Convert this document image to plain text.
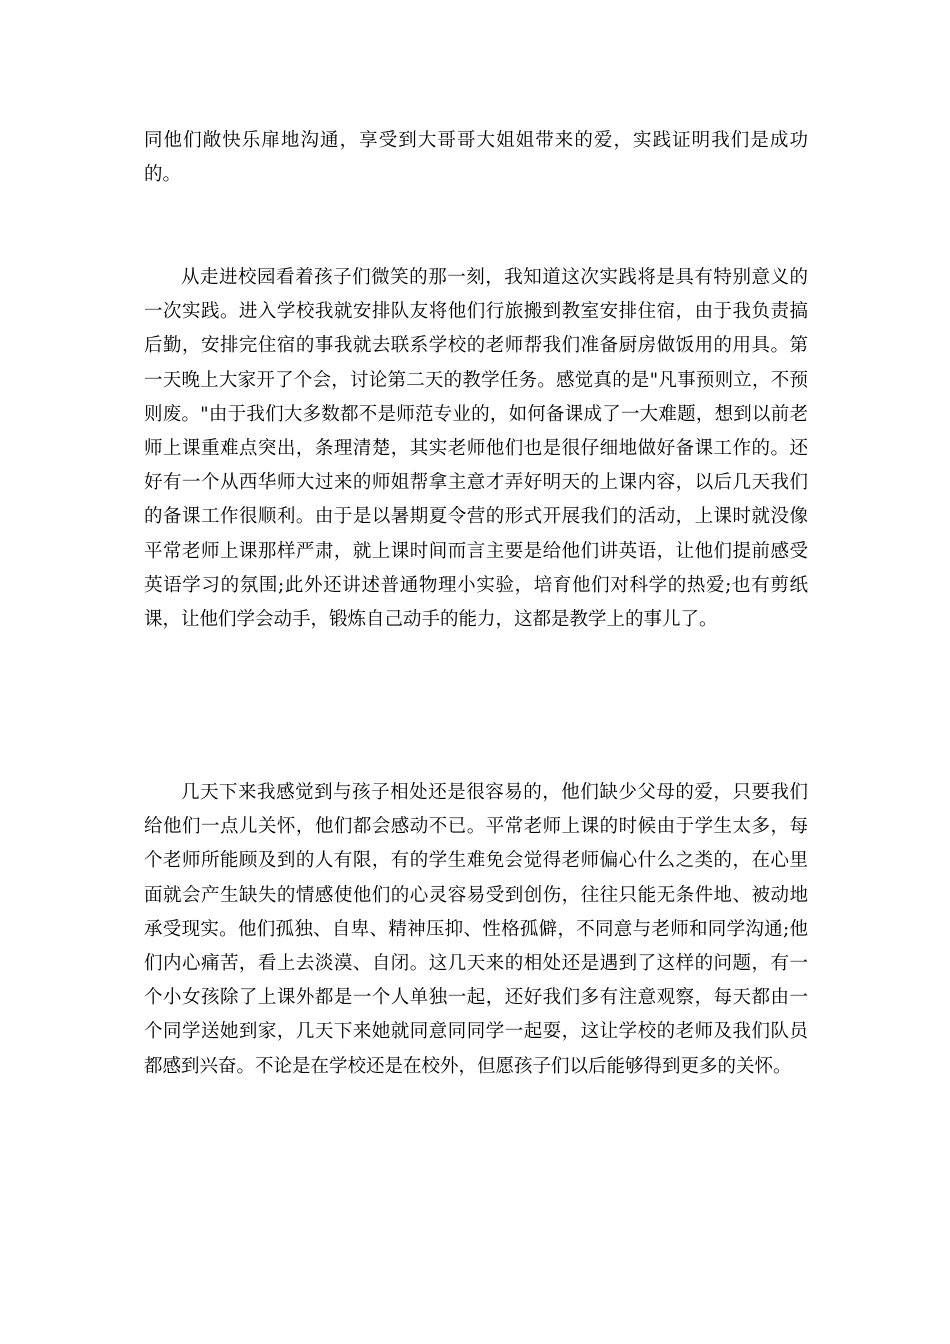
同他们敞快乐扉地沟通，享受到大哥哥大姐姐带来的爱，实践证明我们是成功的。

从走进校园看着孩子们微笑的那一刻，我知道这次实践将是具有特别意义的一次实践。进入学校我就安排队友将他们行旅搬到教室安排住宿，由于我负责搞后勤，安排完住宿的事我就去联系学校的老师帮我们准备厨房做饭用的用具。第一天晚上大家开了个会，讨论第二天的教学任务。感觉真的是"凡事预则立，不预则废。"由于我们大多数都不是师范专业的，如何备课成了一大难题，想到以前老师上课重难点突出，条理清楚，其实老师他们也是很仔细地做好备课工作的。还好有一个从西华师大过来的师姐帮拿主意才弄好明天的上课内容，以后几天我们的备课工作很顺利。由于是以暑期夏令营的形式开展我们的活动，上课时就没像平常老师上课那样严肃，就上课时间而言主要是给他们讲英语，让他们提前感受英语学习的氛围;此外还讲述普通物理小实验，培育他们对科学的热爱;也有剪纸课，让他们学会动手，锻炼自己动手的能力，这都是教学上的事儿了。

几天下来我感觉到与孩子相处还是很容易的，他们缺少父母的爱，只要我们给他们一点儿关怀，他们都会感动不已。平常老师上课的时候由于学生太多，每个老师所能顾及到的人有限，有的学生难免会觉得老师偏心什么之类的，在心里面就会产生缺失的情感使他们的心灵容易受到创伤，往往只能无条件地、被动地承受现实。他们孤独、自卑、精神压抑、性格孤僻，不同意与老师和同学沟通;他们内心痛苦，看上去淡漠、自闭。这几天来的相处还是遇到了这样的问题，有一个小女孩除了上课外都是一个人单独一起，还好我们多有注意观察，每天都由一个同学送她到家，几天下来她就同意同同学一起耍，这让学校的老师及我们队员都感到兴奋。不论是在学校还是在校外，但愿孩子们以后能够得到更多的关怀。
